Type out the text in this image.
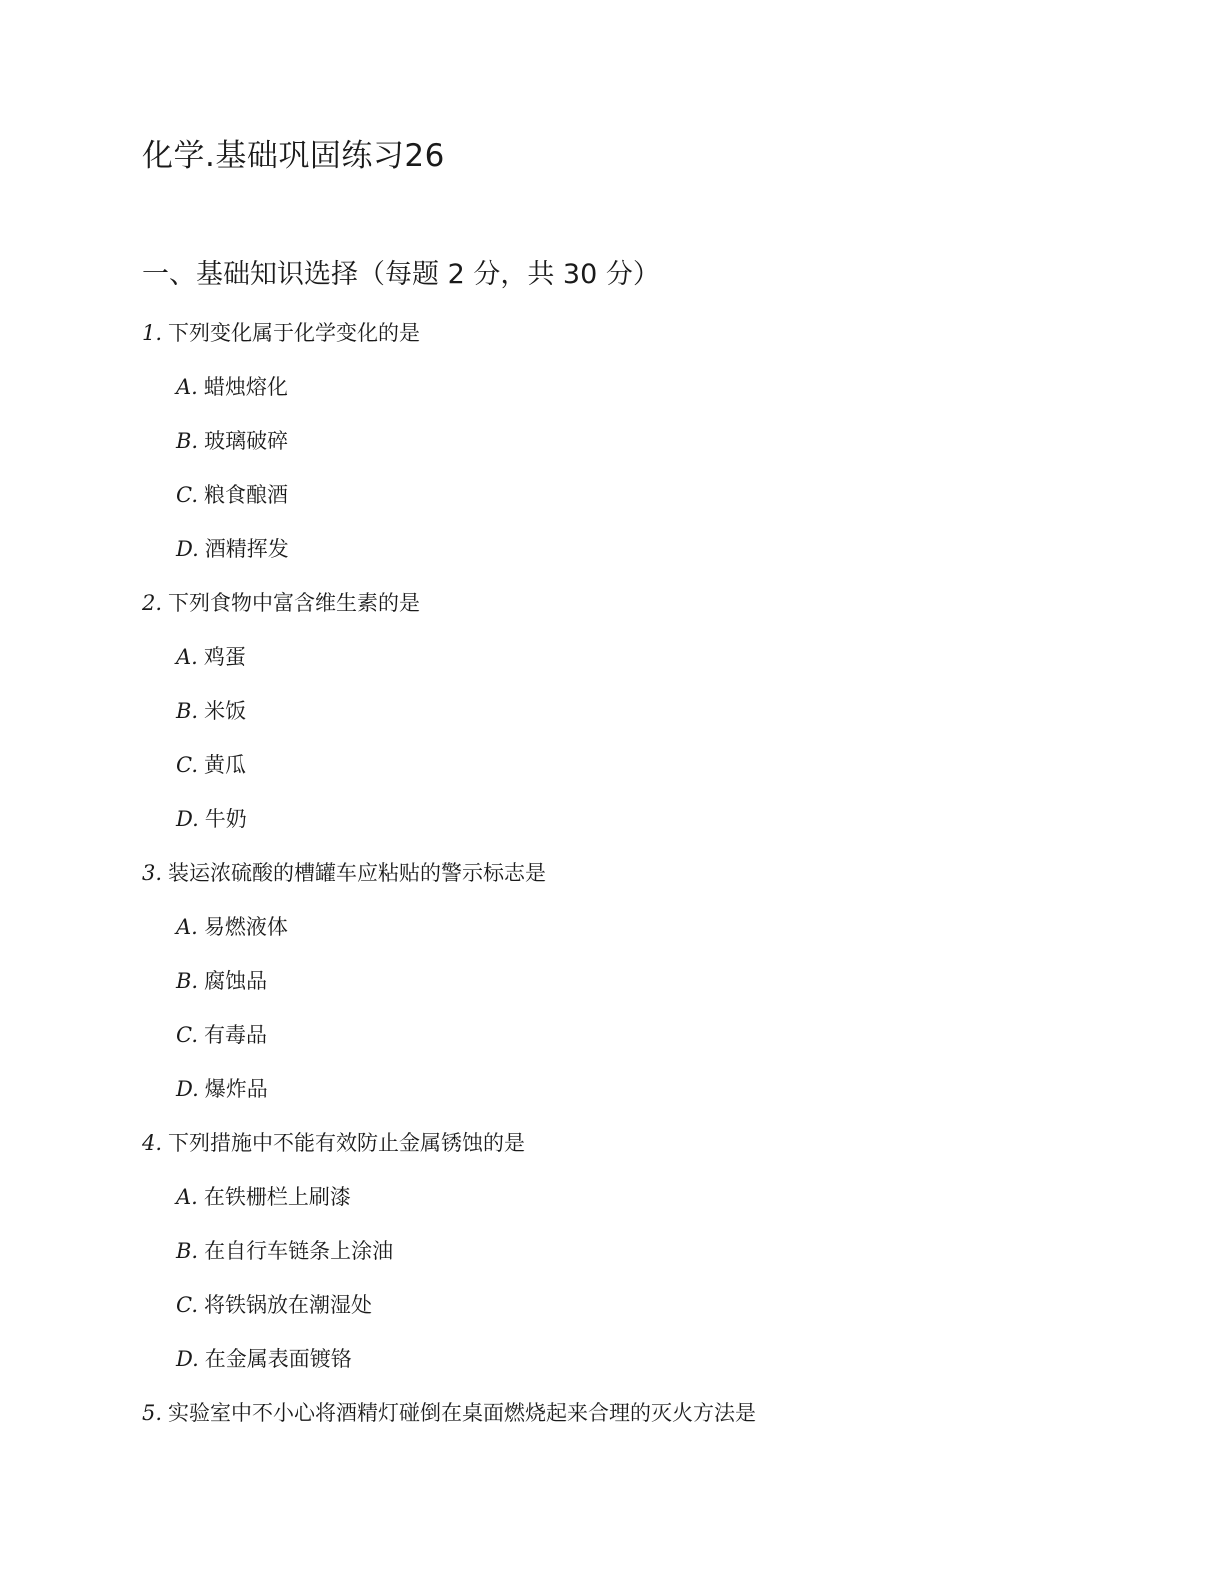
化学.基础巩固练习26
一、基础知识选择（每题 2 分，共 30 分）
1. 下列变化属于化学变化的是
A. 蜡烛熔化
B. 玻璃破碎
C. 粮食酿酒
D. 酒精挥发
2. 下列食物中富含维生素的是
A. 鸡蛋
B. 米饭
C. 黄瓜
D. 牛奶
3. 装运浓硫酸的槽罐车应粘贴的警示标志是
A. 易燃液体
B. 腐蚀品
C. 有毒品
D. 爆炸品
4. 下列措施中不能有效防止金属锈蚀的是
A. 在铁栅栏上刷漆
B. 在自行车链条上涂油
C. 将铁锅放在潮湿处
D. 在金属表面镀铬
5. 实验室中不小心将酒精灯碰倒在桌面燃烧起来合理的灭火方法是
